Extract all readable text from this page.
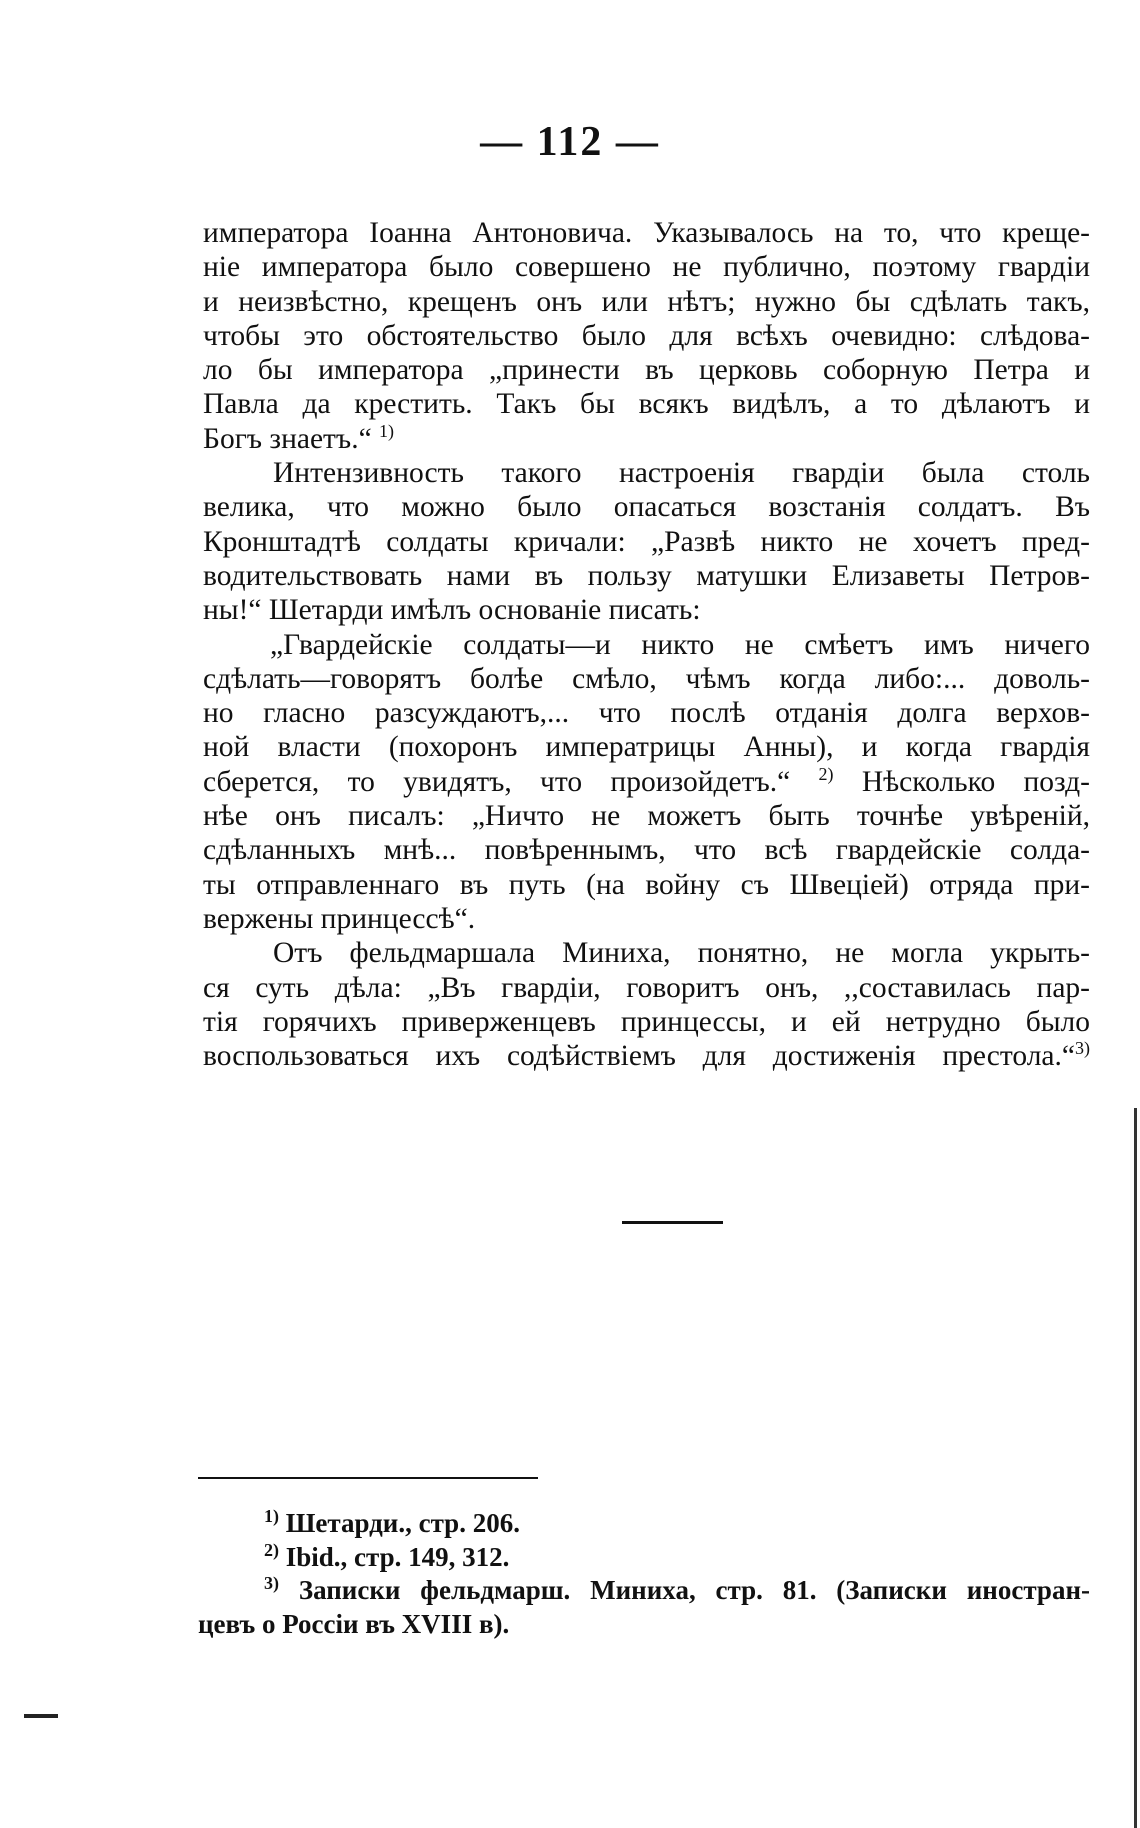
— 112 —
императора Іоанна Антоновича. Указывалось на то, что креще-
ніе императора было совершено не публично, поэтому гвардіи
и неизвѣстно, крещенъ онъ или нѣтъ; нужно бы сдѣлать такъ,
чтобы это обстоятельство было для всѣхъ очевидно: слѣдова-
ло бы императора „принести въ церковь соборную Петра и
Павла да крестить. Такъ бы всякъ видѣлъ, а то дѣлаютъ и
Богъ знаетъ.“ $^{1)}$
Интензивность такого настроенія гвардіи была столь
велика, что можно было опасаться возстанія солдатъ. Въ
Кронштадтѣ солдаты кричали: „Развѣ никто не хочетъ пред-
водительствовать нами въ пользу матушки Елизаветы Петров-
ны!“ Шетарди имѣлъ основаніе писать:
„Гвардейскіе солдаты—и никто не смѣетъ имъ ничего
сдѣлать—говорятъ болѣе смѣло, чѣмъ когда либо:... доволь-
но гласно разсуждаютъ,... что послѣ отданія долга верхов-
ной власти (похоронъ императрицы Анны), и когда гвардія
сберется, то увидятъ, что произойдетъ.“ $^{2)}$ Нѣсколько позд-
нѣе онъ писалъ: „Ничто не можетъ быть точнѣе увѣреній,
сдѣланныхъ мнѣ... повѣреннымъ, что всѣ гвардейскіе солда-
ты отправленнаго въ путь (на войну съ Швеціей) отряда при-
вержены принцессѣ“.
Отъ фельдмаршала Миниха, понятно, не могла укрыть-
ся суть дѣла: „Въ гвардіи, говоритъ онъ, ,,составилась пар-
тія горячихъ приверженцевъ принцессы, и ей нетрудно было
воспользоваться ихъ содѣйствіемъ для достиженія престола.“$^{3)}$
$^{1)}$ Шетарди., стр. 206.
$^{2)}$ Ibid., стр. 149, 312.
$^{3)}$ Записки фельдмарш. Миниха, стр. 81. (Записки иностран-
цевъ о Россіи въ XVIII в).
